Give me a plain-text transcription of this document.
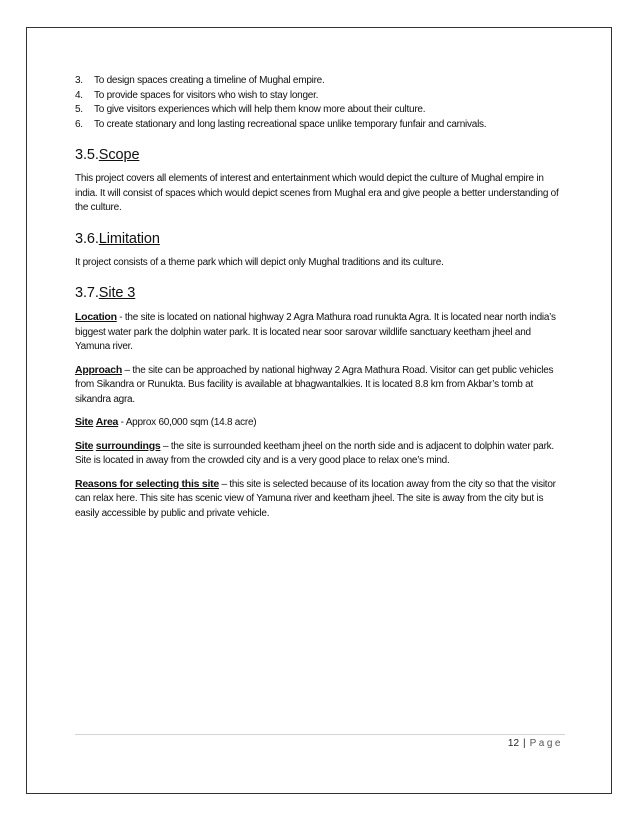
3.	To design spaces creating a timeline of Mughal empire.
4.	To provide spaces for visitors who wish to stay longer.
5.	To give visitors experiences which will help them know more about their culture.
6.	To create stationary and long lasting recreational space unlike temporary funfair and carnivals.
3.5.Scope

This project covers all elements of interest and entertainment which would depict the culture of Mughal empire in india. It will consist of spaces which would depict scenes from Mughal era and give people a better understanding of the culture.

3.6.Limitation

It project consists of a theme park which will depict only Mughal traditions and its culture.

3.7.Site 3

Location - the site is located on national highway 2 Agra Mathura road runukta Agra. It is located near north india’s biggest water park the dolphin water park. It is located near soor sarovar wildlife sanctuary keetham jheel and Yamuna river.

Approach – the site can be approached by national highway 2 Agra Mathura Road. Visitor can get public vehicles from Sikandra or Runukta. Bus facility is available at bhagwantalkies. It is located 8.8 km from Akbar’s tomb at sikandra agra.

Site Area - Approx 60,000 sqm (14.8 acre)

Site surroundings – the site is surrounded keetham jheel on the north side and is adjacent to dolphin water park. Site is located in away from the crowded city and is a very good place to relax one’s mind.

Reasons for selecting this site – this site is selected because of its location away from the city so that the visitor can relax here. This site has scenic view of Yamuna river and keetham jheel. The site is away from the city but is easily accessible by public and private vehicle.

12 | Page
